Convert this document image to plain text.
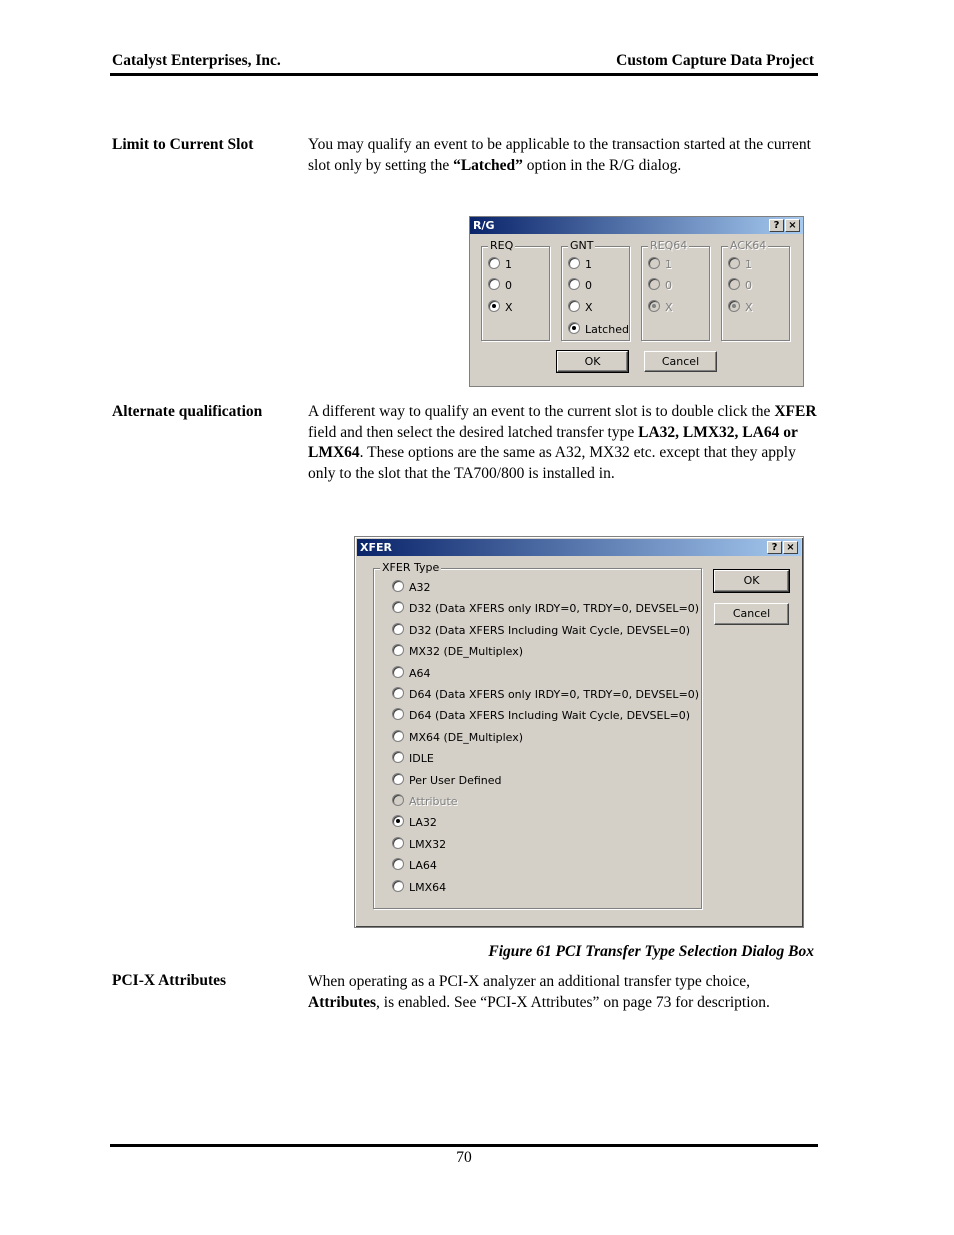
Catalyst Enterprises, Inc.	Custom Capture Data Project
Limit to Current Slot	You may qualify an event to be applicable to the transaction started at the current slot only by setting the “Latched” option in the R/G dialog.
R/G	? ×
REQ
1
0
X
GNT
1
0
X
Latched
REQ64
1
0
X
ACK64
1
0
X
OK	Cancel
Alternate qualification	A different way to qualify an event to the current slot is to double click the XFER field and then select the desired latched transfer type LA32, LMX32, LA64 or LMX64. These options are the same as A32, MX32 etc. except that they apply only to the slot that the TA700/800 is installed in.
XFER	? ×
XFER Type
A32
D32 (Data XFERS only IRDY=0, TRDY=0, DEVSEL=0)
D32 (Data XFERS Including Wait Cycle, DEVSEL=0)
MX32 (DE_Multiplex)
A64
D64 (Data XFERS only IRDY=0, TRDY=0, DEVSEL=0)
D64 (Data XFERS Including Wait Cycle, DEVSEL=0)
MX64 (DE_Multiplex)
IDLE
Per User Defined
Attribute
LA32
LMX32
LA64
LMX64
OK
Cancel
Figure 61 PCI Transfer Type Selection Dialog Box
PCI-X Attributes	When operating as a PCI-X analyzer an additional transfer type choice, Attributes, is enabled. See “PCI-X Attributes” on page 73 for description.
70
